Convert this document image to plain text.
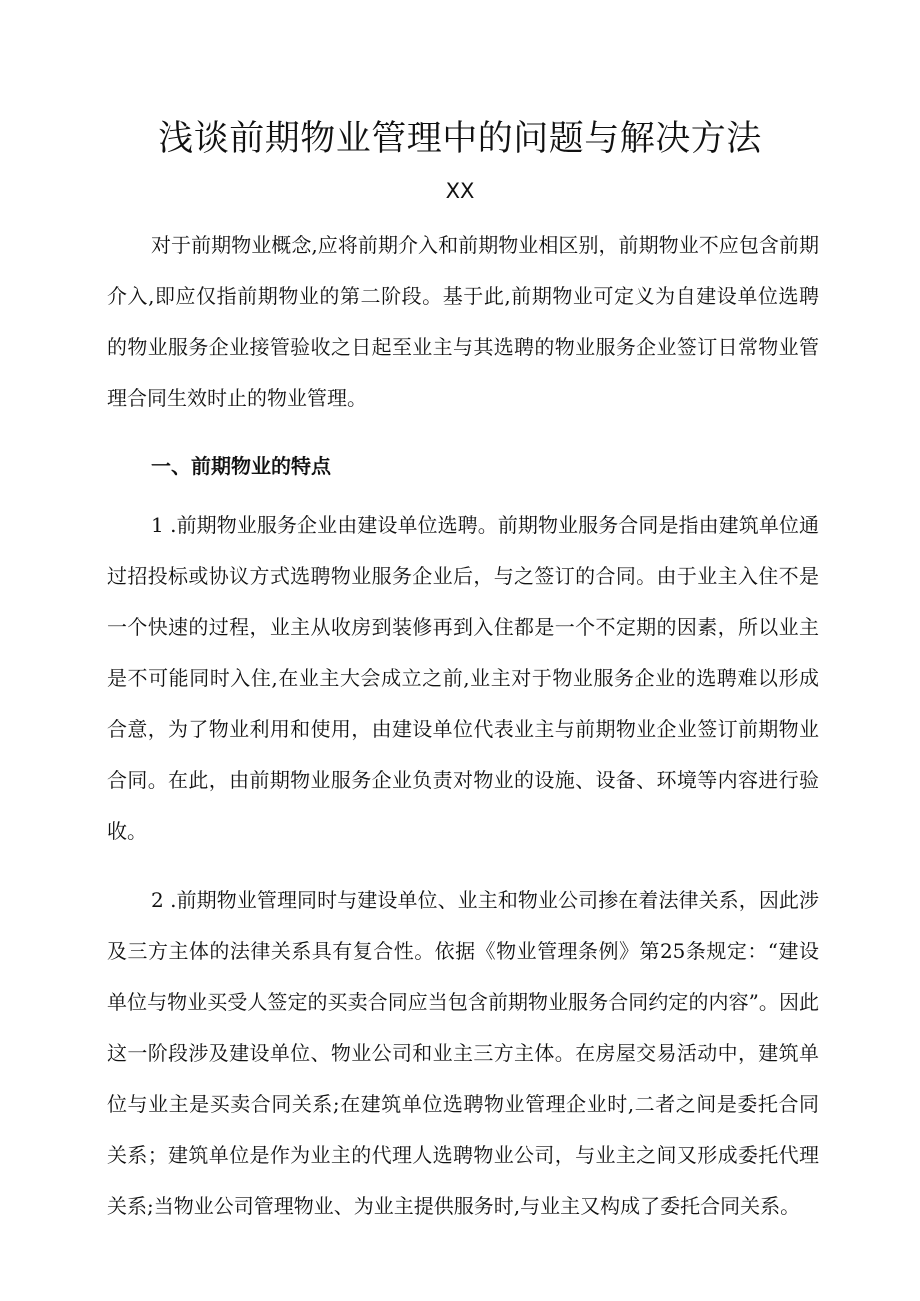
浅谈前期物业管理中的问题与解决方法
XX

对于前期物业概念,应将前期介入和前期物业相区别，前期物业不应包含前期介入,即应仅指前期物业的第二阶段。基于此,前期物业可定义为自建设单位选聘的物业服务企业接管验收之日起至业主与其选聘的物业服务企业签订日常物业管理合同生效时止的物业管理。

一、前期物业的特点

1 .前期物业服务企业由建设单位选聘。前期物业服务合同是指由建筑单位通过招投标或协议方式选聘物业服务企业后，与之签订的合同。由于业主入住不是一个快速的过程，业主从收房到装修再到入住都是一个不定期的因素，所以业主是不可能同时入住,在业主大会成立之前,业主对于物业服务企业的选聘难以形成合意，为了物业利用和使用，由建设单位代表业主与前期物业企业签订前期物业合同。在此，由前期物业服务企业负责对物业的设施、设备、环境等内容进行验收。

2 .前期物业管理同时与建设单位、业主和物业公司掺在着法律关系，因此涉及三方主体的法律关系具有复合性。依据《物业管理条例》第25条规定：“建设单位与物业买受人签定的买卖合同应当包含前期物业服务合同约定的内容”。因此这一阶段涉及建设单位、物业公司和业主三方主体。在房屋交易活动中，建筑单位与业主是买卖合同关系;在建筑单位选聘物业管理企业时,二者之间是委托合同关系；建筑单位是作为业主的代理人选聘物业公司，与业主之间又形成委托代理关系;当物业公司管理物业、为业主提供服务时,与业主又构成了委托合同关系。
